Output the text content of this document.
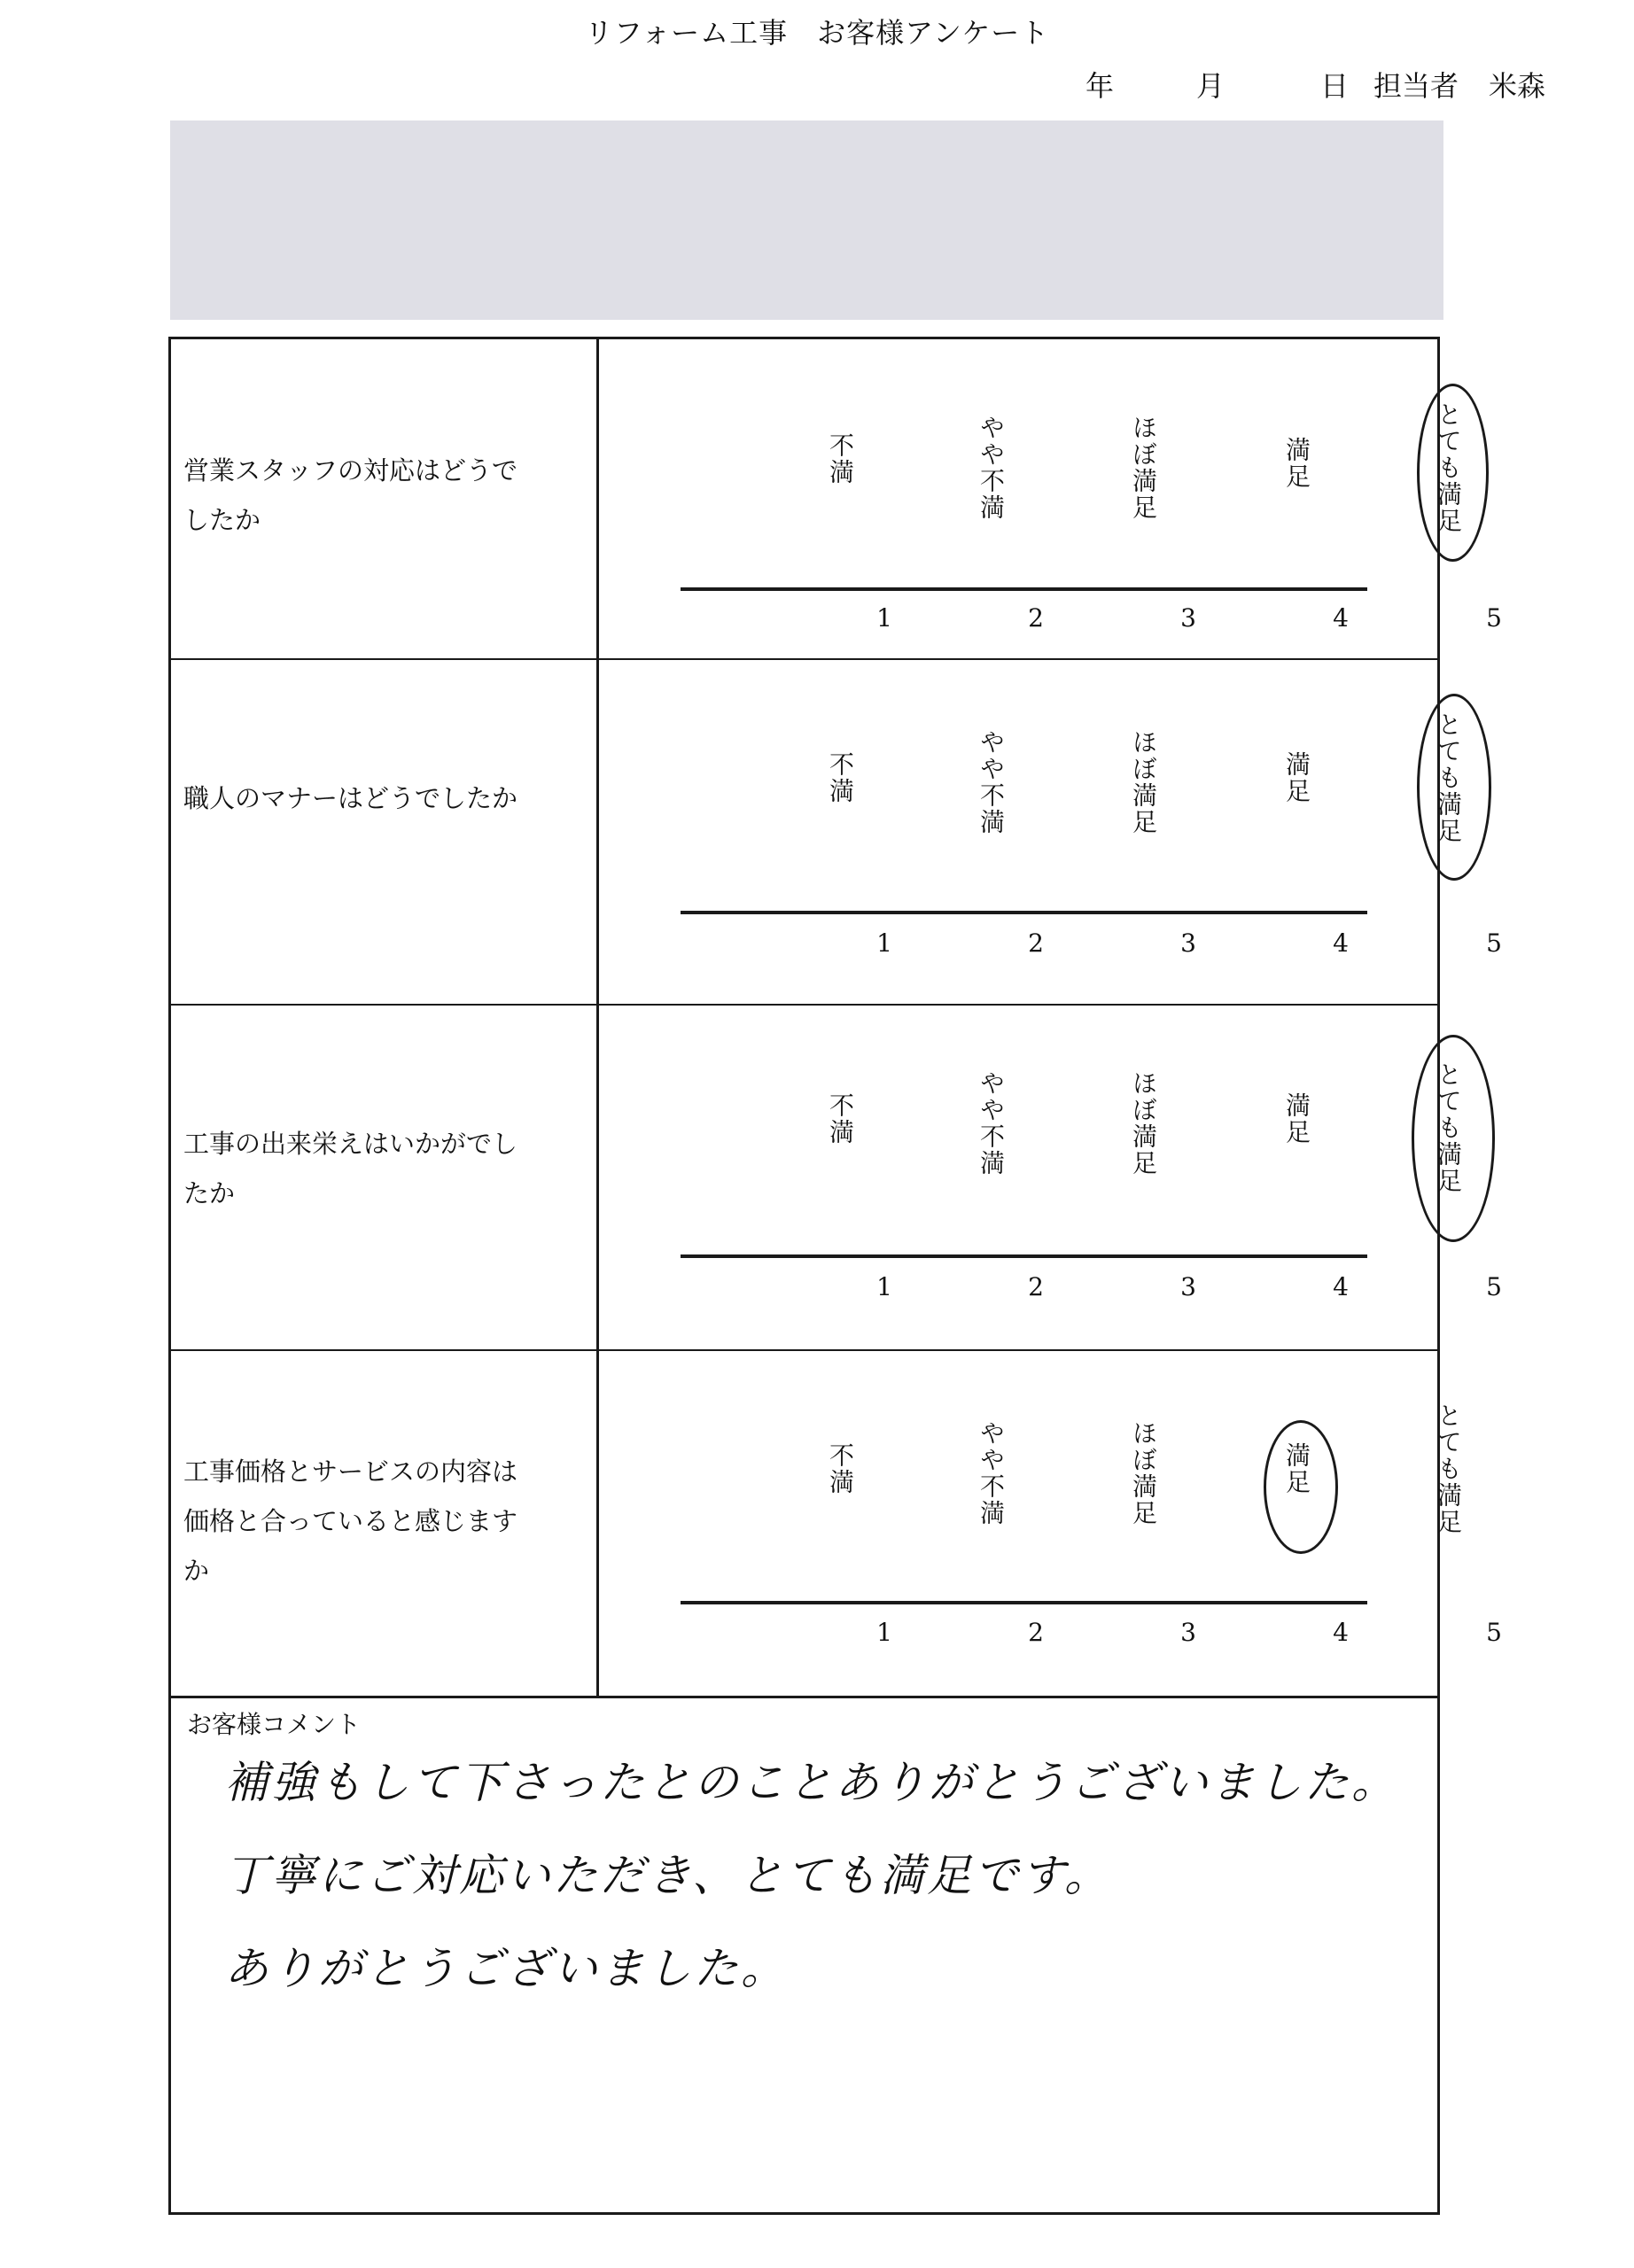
リフォーム工事　お客様アンケート
年	月	日 担当者 米森
営業スタッフの対応はどうでしたか
不満	やや不満	ほぼ満足	満足	とても満足
1	2	3	4	5
職人のマナーはどうでしたか	不満	やや不満	ほぼ満足	満足	とても満足
1	2	3	4	5
工事の出来栄えはいかがでしたか
不満	やや不満	ほぼ満足	満足	とても満足
1	2	3	4	5
工事価格とサービスの内容は価格と合っていると感じますか
不満	やや不満	ほぼ満足	満足	とても満足
1	2	3	4	5
お客様コメント
補強もして下さったとのことありがとうございました。
丁寧にご対応いただき、とても満足です。
ありがとうございました。
